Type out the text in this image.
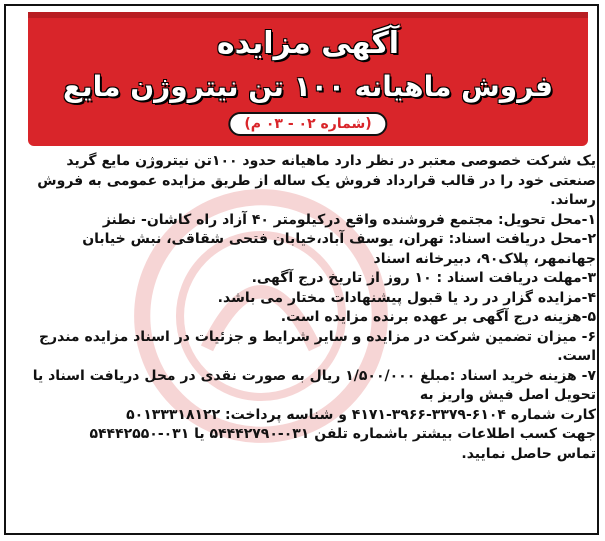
آگهی مزایده
فروش ماهیانه ۱۰۰ تن نیتروژن مایع
(شماره ۰۲ - ۰۳ م)

یک شرکت خصوصی معتبر در نظر دارد ماهیانه حدود ۱۰۰تن نیتروژن مایع گرید صنعتی خود را در قالب قرارداد فروش یک ساله از طریق مزایده عمومی به فروش رساند.

۱-محل تحویل: مجتمع فروشنده واقع درکیلومتر ۴۰ آزاد راه کاشان- نطنز

۲-محل دریافت اسناد: تهران، یوسف آباد،خیابان فتحی شقاقی، نبش خیابان جهانمهر، پلاک۹۰، دبیرخانه اسناد

۳-مهلت دریافت اسناد : ۱۰ روز از تاریخ درج آگهی.

۴-مزایده گزار در رد یا قبول پیشنهادات مختار می باشد.

۵-هزینه درج آگهی بر عهده برنده مزایده است.

۶- میزان تضمین شرکت در مزایده و سایر شرایط و جزئیات در اسناد مزایده مندرج است.

۷- هزینه خرید اسناد :مبلغ ۱/۵۰۰/۰۰۰ ریال به صورت نقدی در محل دریافت اسناد یا تحویل اصل فیش واریز به

کارت شماره ۶۱۰۴-۳۳۷۹-۳۹۶۶-۴۱۷۱ و شناسه پرداخت: ۵۰۱۳۳۳۱۸۱۲۲

جهت کسب اطلاعات بیشتر باشماره تلفن ۰۳۱-۵۴۴۴۲۷۹۰ یا ۰۳۱-۵۴۴۴۲۵۵۰

تماس حاصل نمایید.
